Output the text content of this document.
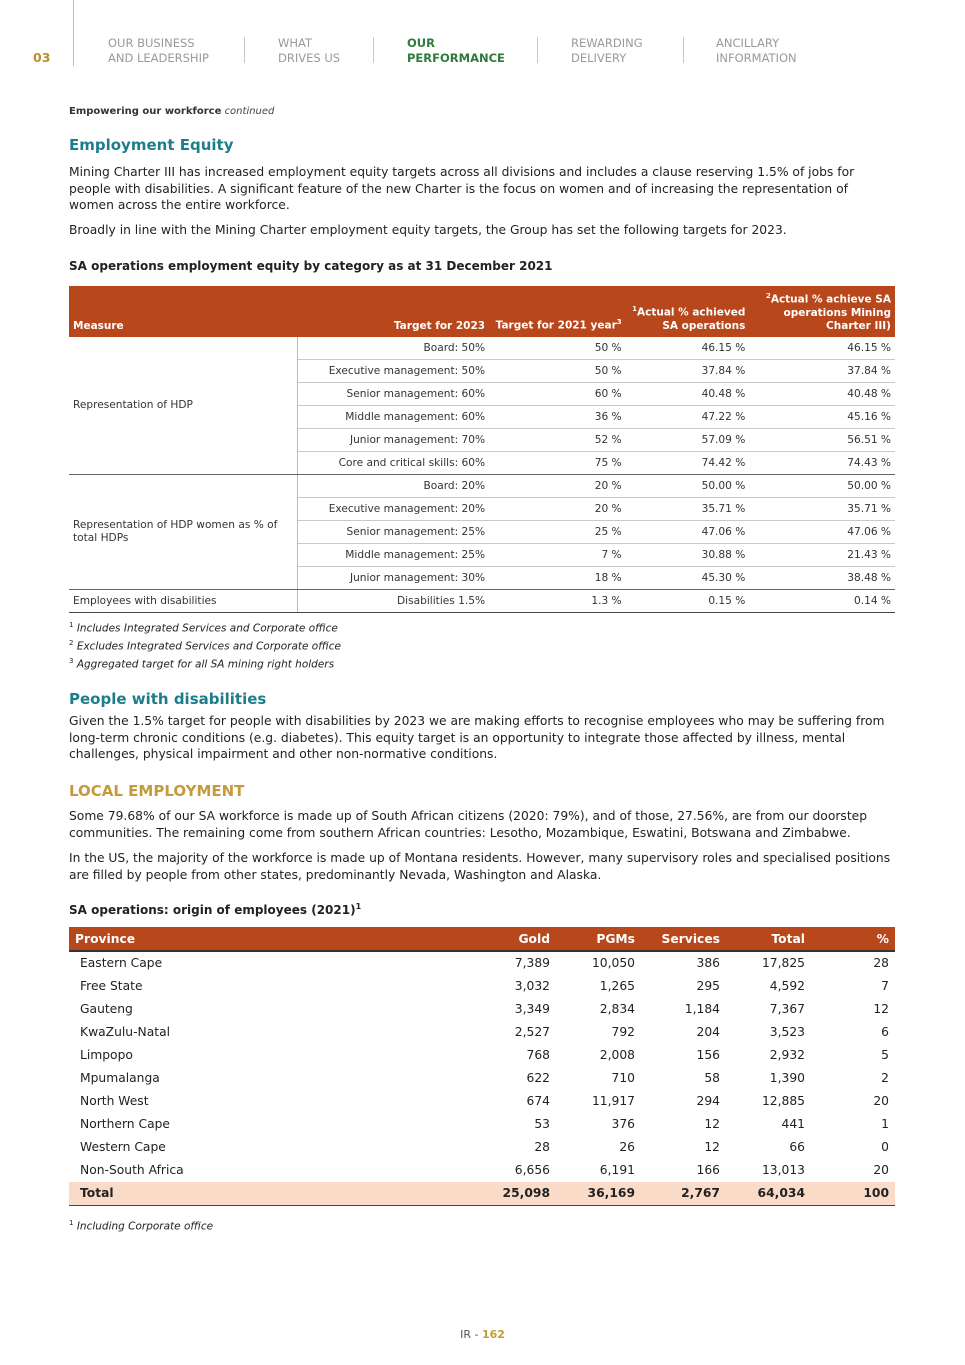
03
OUR BUSINESS
AND LEADERSHIP
WHAT
DRIVES US
OUR
PERFORMANCE
REWARDING
DELIVERY
ANCILLARY
INFORMATION
Empowering our workforce continued
Employment Equity
Mining Charter III has increased employment equity targets across all divisions and includes a clause reserving 1.5% of jobs for people with disabilities. A significant feature of the new Charter is the focus on women and of increasing the representation of women across the entire workforce.
Broadly in line with the Mining Charter employment equity targets, the Group has set the following targets for 2023.
SA operations employment equity by category as at 31 December 2021
Measure	Target for 2023	Target for 2021 year$^3$	$^1$Actual % achieved SA operations	$^2$Actual % achieve SA operations Mining Charter III)
Representation of HDP	Board: 50%	50 %	46.15 %	46.15 %
	Executive management: 50%	50 %	37.84 %	37.84 %
	Senior management: 60%	60 %	40.48 %	40.48 %
	Middle management: 60%	36 %	47.22 %	45.16 %
	Junior management: 70%	52 %	57.09 %	56.51 %
	Core and critical skills: 60%	75 %	74.42 %	74.43 %
Representation of HDP women as % of total HDPs	Board: 20%	20 %	50.00 %	50.00 %
	Executive management: 20%	20 %	35.71 %	35.71 %
	Senior management: 25%	25 %	47.06 %	47.06 %
	Middle management: 25%	7 %	30.88 %	21.43 %
	Junior management: 30%	18 %	45.30 %	38.48 %
Employees with disabilities	Disabilities 1.5%	1.3 %	0.15 %	0.14 %
$^1$ Includes Integrated Services and Corporate office
$^2$ Excludes Integrated Services and Corporate office
$^3$ Aggregated target for all SA mining right holders
People with disabilities
Given the 1.5% target for people with disabilities by 2023 we are making efforts to recognise employees who may be suffering from long-term chronic conditions (e.g. diabetes). This equity target is an opportunity to integrate those affected by illness, mental challenges, physical impairment and other non-normative conditions.
LOCAL EMPLOYMENT
Some 79.68% of our SA workforce is made up of South African citizens (2020: 79%), and of those, 27.56%, are from our doorstep communities. The remaining come from southern African countries: Lesotho, Mozambique, Eswatini, Botswana and Zimbabwe.
In the US, the majority of the workforce is made up of Montana residents. However, many supervisory roles and specialised positions are filled by people from other states, predominantly Nevada, Washington and Alaska.
SA operations: origin of employees $(2021)^1$
Province	Gold	PGMs	Services	Total	%
Eastern Cape	7,389	10,050	386	17,825	28
Free State	3,032	1,265	295	4,592	7
Gauteng	3,349	2,834	1,184	7,367	12
KwaZulu-Natal	2,527	792	204	3,523	6
Limpopo	768	2,008	156	2,932	5
Mpumalanga	622	710	58	1,390	2
North West	674	11,917	294	12,885	20
Northern Cape	53	376	12	441	1
Western Cape	28	26	12	66	0
Non-South Africa	6,656	6,191	166	13,013	20
Total	25,098	36,169	2,767	64,034	100
$^1$ Including Corporate office
IR - 162
